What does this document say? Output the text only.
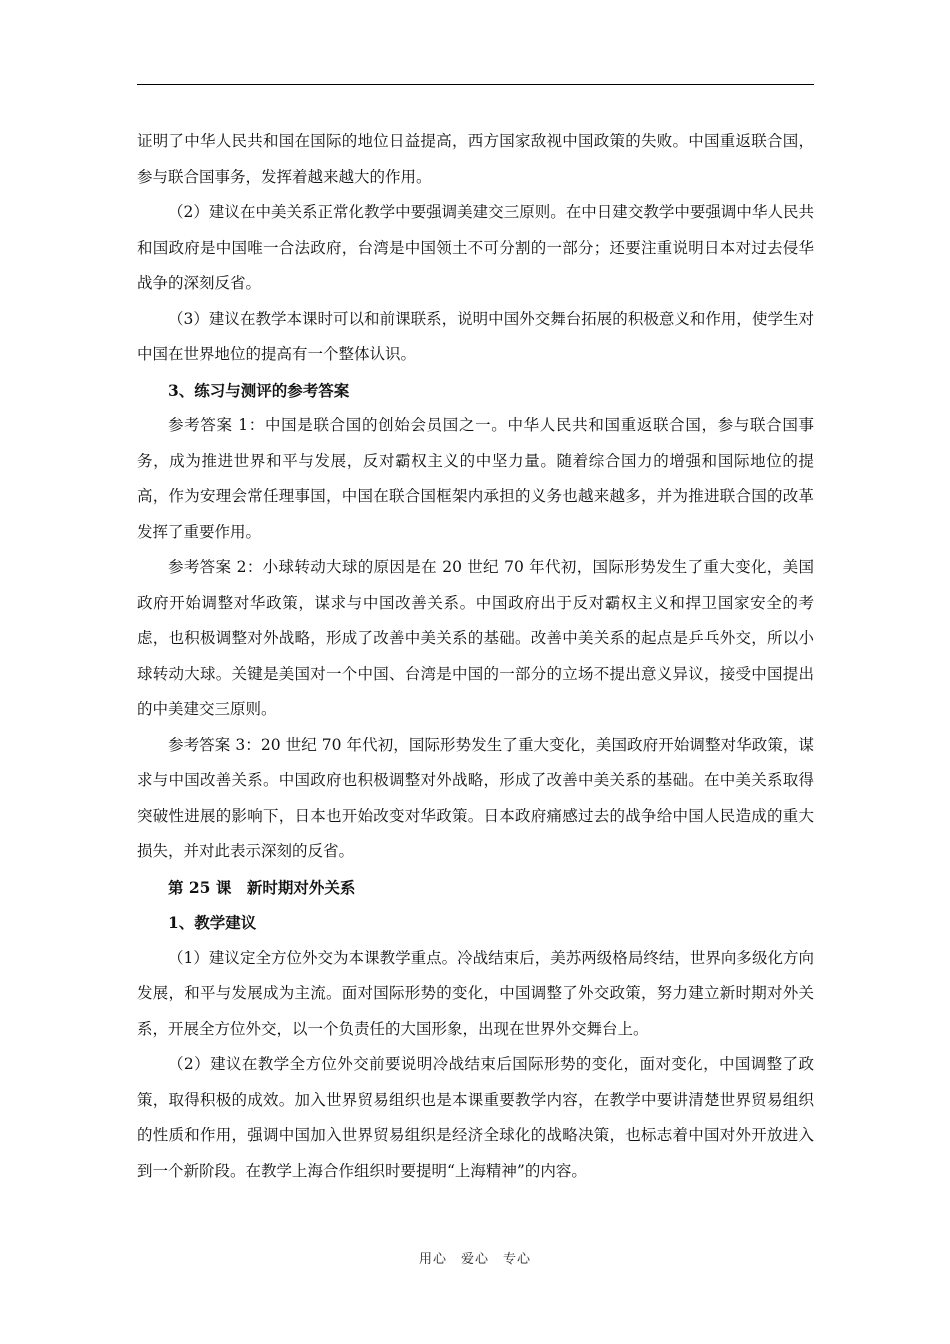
证明了中华人民共和国在国际的地位日益提高，西方国家敌视中国政策的失败。中国重返联合国，参与联合国事务，发挥着越来越大的作用。

（2）建议在中美关系正常化教学中要强调美建交三原则。在中日建交教学中要强调中华人民共和国政府是中国唯一合法政府，台湾是中国领土不可分割的一部分；还要注重说明日本对过去侵华战争的深刻反省。

（3）建议在教学本课时可以和前课联系，说明中国外交舞台拓展的积极意义和作用，使学生对中国在世界地位的提高有一个整体认识。

3、练习与测评的参考答案

参考答案 1：中国是联合国的创始会员国之一。中华人民共和国重返联合国，参与联合国事务，成为推进世界和平与发展，反对霸权主义的中坚力量。随着综合国力的增强和国际地位的提高，作为安理会常任理事国，中国在联合国框架内承担的义务也越来越多，并为推进联合国的改革发挥了重要作用。

参考答案 2：小球转动大球的原因是在 20 世纪 70 年代初，国际形势发生了重大变化，美国政府开始调整对华政策，谋求与中国改善关系。中国政府出于反对霸权主义和捍卫国家安全的考虑，也积极调整对外战略，形成了改善中美关系的基础。改善中美关系的起点是乒乓外交，所以小球转动大球。关键是美国对一个中国、台湾是中国的一部分的立场不提出意义异议，接受中国提出的中美建交三原则。

参考答案 3：20 世纪 70 年代初，国际形势发生了重大变化，美国政府开始调整对华政策，谋求与中国改善关系。中国政府也积极调整对外战略，形成了改善中美关系的基础。在中美关系取得突破性进展的影响下，日本也开始改变对华政策。日本政府痛感过去的战争给中国人民造成的重大损失，并对此表示深刻的反省。

第 25 课　新时期对外关系

1、教学建议

（1）建议定全方位外交为本课教学重点。冷战结束后，美苏两级格局终结，世界向多级化方向发展，和平与发展成为主流。面对国际形势的变化，中国调整了外交政策，努力建立新时期对外关系，开展全方位外交，以一个负责任的大国形象，出现在世界外交舞台上。

（2）建议在教学全方位外交前要说明冷战结束后国际形势的变化，面对变化，中国调整了政策，取得积极的成效。加入世界贸易组织也是本课重要教学内容，在教学中要讲清楚世界贸易组织的性质和作用，强调中国加入世界贸易组织是经济全球化的战略决策，也标志着中国对外开放进入到一个新阶段。在教学上海合作组织时要提明“上海精神”的内容。

用心　爱心　专心
